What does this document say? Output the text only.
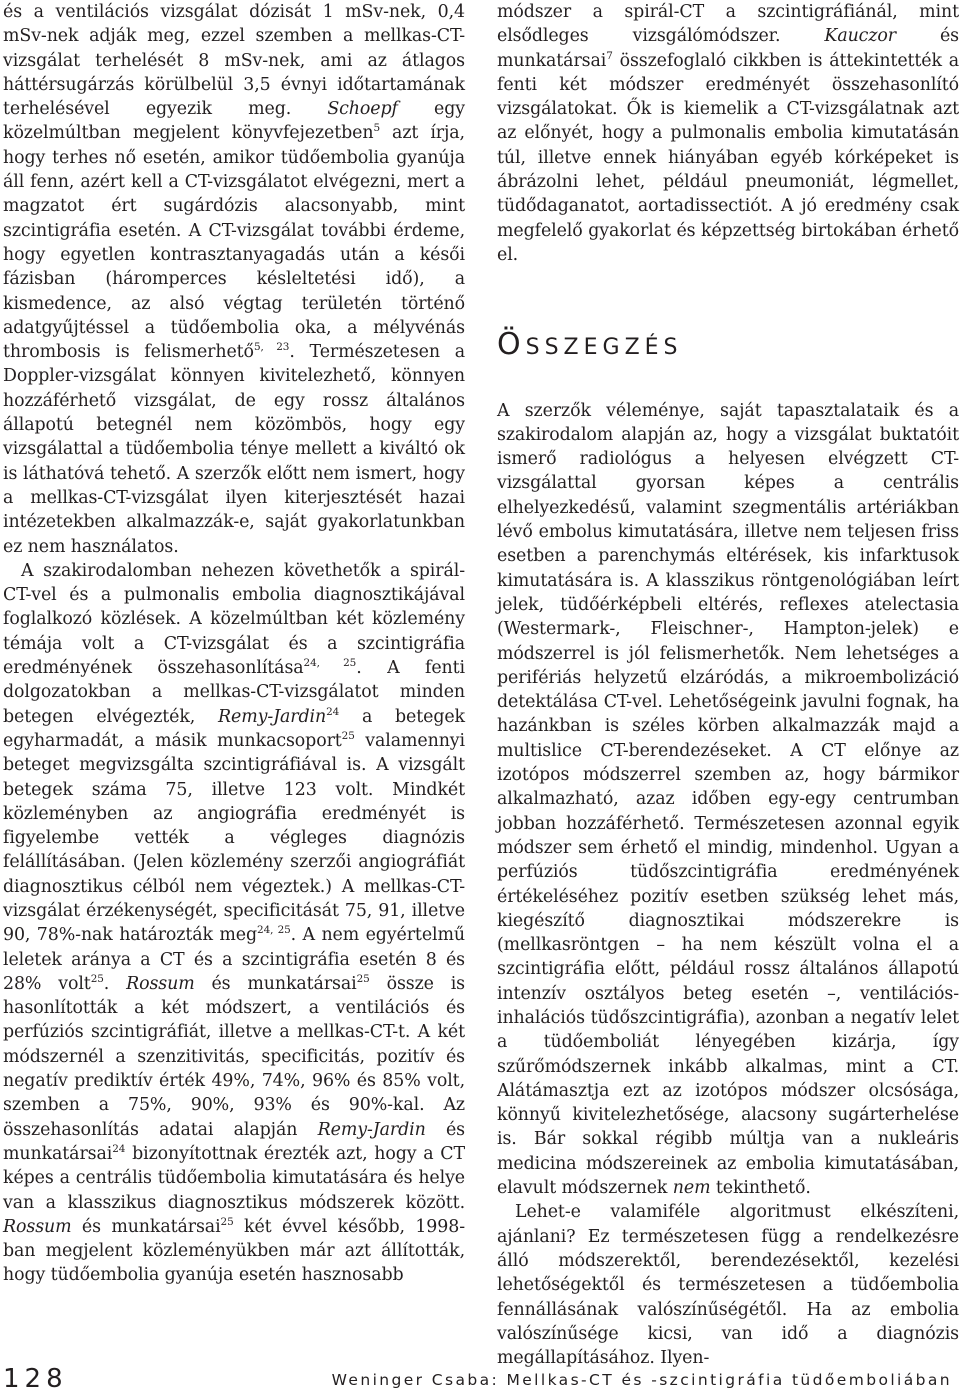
és a ventilációs vizsgálat dózisát 1 mSv-nek, 0,4 mSv-nek adják meg, ezzel szemben a mellkas-CT-vizsgálat terhelését 8 mSv-nek, ami az átlagos háttérsugárzás körülbelül 3,5 évnyi időtartamának terhelésével egyezik meg. Schoepf egy közelmúltban megjelent könyvfejezetben$^5$ azt írja, hogy terhes nő esetén, amikor tüdőembolia gyanúja áll fenn, azért kell a CT-vizsgálatot elvégezni, mert a magzatot ért sugárdózis alacsonyabb, mint szcintigráfia esetén. A CT-vizsgálat további érdeme, hogy egyetlen kontrasztanyagadás után a késői fázisban (háromperces késleltetési idő), a kismedence, az alsó végtag területén történő adatgyűjtéssel a tüdőembolia oka, a mélyvénás thrombosis is felismerhető$^{5, 23}$. Természetesen a Doppler-vizsgálat könnyen kivitelezhető, könnyen hozzáférhető vizsgálat, de egy rossz általános állapotú betegnél nem közömbös, hogy egy vizsgálattal a tüdőembolia ténye mellett a kiváltó ok is láthatóvá tehető. A szerzők előtt nem ismert, hogy a mellkas-CT-vizsgálat ilyen kiterjesztését hazai intézetekben alkalmazzák-e, saját gyakorlatunkban ez nem használatos.

A szakirodalomban nehezen követhetők a spirál-CT-vel és a pulmonalis embolia diagnosztikájával foglalkozó közlések. A közelmúltban két közlemény témája volt a CT-vizsgálat és a szcintigráfia eredményének összehasonlítása$^{24, 25}$. A fenti dolgozatokban a mellkas-CT-vizsgálatot minden betegen elvégezték, Remy-Jardin$^{24}$ a betegek egyharmadát, a másik munkacsoport$^{25}$ valamennyi beteget megvizsgálta szcintigráfiával is. A vizsgált betegek száma 75, illetve 123 volt. Mindkét közleményben az angiográfia eredményét is figyelembe vették a végleges diagnózis felállításában. (Jelen közlemény szerzői angiográfiát diagnosztikus célból nem végeztek.) A mellkas-CT-vizsgálat érzékenységét, specificitását 75, 91, illetve 90, 78%-nak határozták meg$^{24, 25}$. A nem egyértelmű leletek aránya a CT és a szcintigráfia esetén 8 és 28% volt$^{25}$. Rossum és munkatársai$^{25}$ össze is hasonlították a két módszert, a ventilációs és perfúziós szcintigráfiát, illetve a mellkas-CT-t. A két módszernél a szenzitivitás, specificitás, pozitív és negatív prediktív érték 49%, 74%, 96% és 85% volt, szemben a 75%, 90%, 93% és 90%-kal. Az összehasonlítás adatai alapján Remy-Jardin és munkatársai$^{24}$ bizonyítottnak érezték azt, hogy a CT képes a centrális tüdőembolia kimutatására és helye van a klasszikus diagnosztikus módszerek között. Rossum és munkatársai$^{25}$ két évvel később, 1998-ban megjelent közleményükben már azt állították, hogy tüdőembolia gyanúja esetén hasznosabb

módszer a spirál-CT a szcintigráfiánál, mint elsődleges vizsgálómódszer. Kauczor és munkatársai$^7$ összefoglaló cikkben is áttekintették a fenti két módszer eredményét összehasonlító vizsgálatokat. Ők is kiemelik a CT-vizsgálatnak azt az előnyét, hogy a pulmonalis embolia kimutatásán túl, illetve ennek hiányában egyéb kórképeket is ábrázolni lehet, például pneumoniát, légmellet, tüdődaganatot, aortadissectiót. A jó eredmény csak megfelelő gyakorlat és képzettség birtokában érhető el.

ÖSSZEGZÉS

A szerzők véleménye, saját tapasztalataik és a szakirodalom alapján az, hogy a vizsgálat buktatóit ismerő radiológus a helyesen elvégzett CT-vizsgálattal gyorsan képes a centrális elhelyezkedésű, valamint szegmentális artériákban lévő embolus kimutatására, illetve nem teljesen friss esetben a parenchymás eltérések, kis infarktusok kimutatására is. A klasszikus röntgenológiában leírt jelek, tüdőérképbeli eltérés, reflexes atelectasia (Westermark-, Fleischner-, Hampton-jelek) e módszerrel is jól felismerhetők. Nem lehetséges a perifériás helyzetű elzáródás, a mikroembolizáció detektálása CT-vel. Lehetőségeink javulni fognak, ha hazánkban is széles körben alkalmazzák majd a multislice CT-berendezéseket. A CT előnye az izotópos módszerrel szemben az, hogy bármikor alkalmazható, azaz időben egy-egy centrumban jobban hozzáférhető. Természetesen azonnal egyik módszer sem érhető el mindig, mindenhol. Ugyan a perfúziós tüdőszcintigráfia eredményének értékeléséhez pozitív esetben szükség lehet más, kiegészítő diagnosztikai módszerekre is (mellkasröntgen – ha nem készült volna el a szcintigráfia előtt, például rossz általános állapotú intenzív osztályos beteg esetén –, ventilációs-inhalációs tüdőszcintigráfia), azonban a negatív lelet a tüdőemboliát lényegében kizárja, így szűrőmódszernek inkább alkalmas, mint a CT. Alátámasztja ezt az izotópos módszer olcsósága, könnyű kivitelezhetősége, alacsony sugárterhelése is. Bár sokkal régibb múltja van a nukleáris medicina módszereinek az embolia kimutatásában, elavult módszernek nem tekinthető.

Lehet-e valamiféle algoritmust elkészíteni, ajánlani? Ez természetesen függ a rendelkezésre álló módszerektől, berendezésektől, kezelési lehetőségektől és természetesen a tüdőembolia fennállásának valószínűségétől. Ha az embolia valószínűsége kicsi, van idő a diagnózis megállapításához. Ilyen-

128	Weninger Csaba: Mellkas-CT és -szcintigráfia tüdőemboliában
